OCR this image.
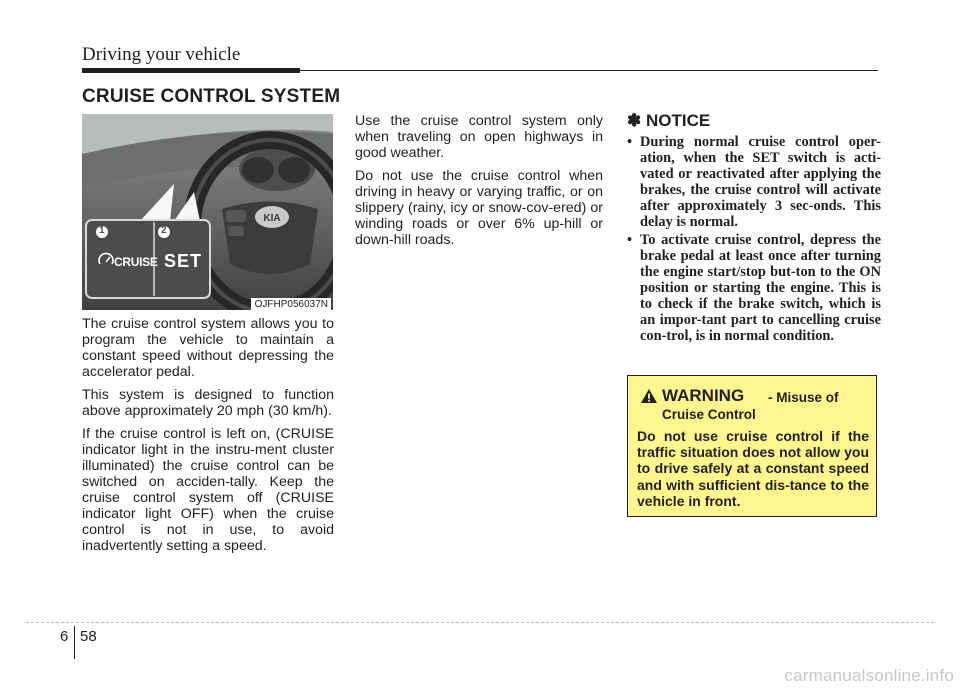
Driving your vehicle
CRUISE CONTROL SYSTEM
KIA
1	2
CRUISE SET
OJFHP056037N

The cruise control system allows you to program the vehicle to maintain a constant speed without depressing the accelerator pedal.

This system is designed to function above approximately 20 mph (30 km/h).

If the cruise control is left on, (CRUISE indicator light in the instru-ment cluster illuminated) the cruise control can be switched on acciden-tally. Keep the cruise control system off (CRUISE indicator light OFF) when the cruise control is not in use, to avoid inadvertently setting a speed.

Use the cruise control system only when traveling on open highways in good weather.

Do not use the cruise control when driving in heavy or varying traffic, or on slippery (rainy, icy or snow-cov-ered) or winding roads or over 6% up-hill or down-hill roads.

✽ NOTICE
• During normal cruise control oper-ation, when the SET switch is acti-vated or reactivated after applying the brakes, the cruise control will activate after approximately 3 sec-onds. This delay is normal.
• To activate cruise control, depress the brake pedal at least once after turning the engine start/stop but-ton to the ON position or starting the engine. This is to check if the brake switch, which is an impor-tant part to cancelling cruise con-trol, is in normal condition.
WARNING - Misuse of
Cruise Control
Do not use cruise control if the traffic situation does not allow you to drive safely at a constant speed and with sufficient dis-tance to the vehicle in front.
6 58
carmanualsonline.info
